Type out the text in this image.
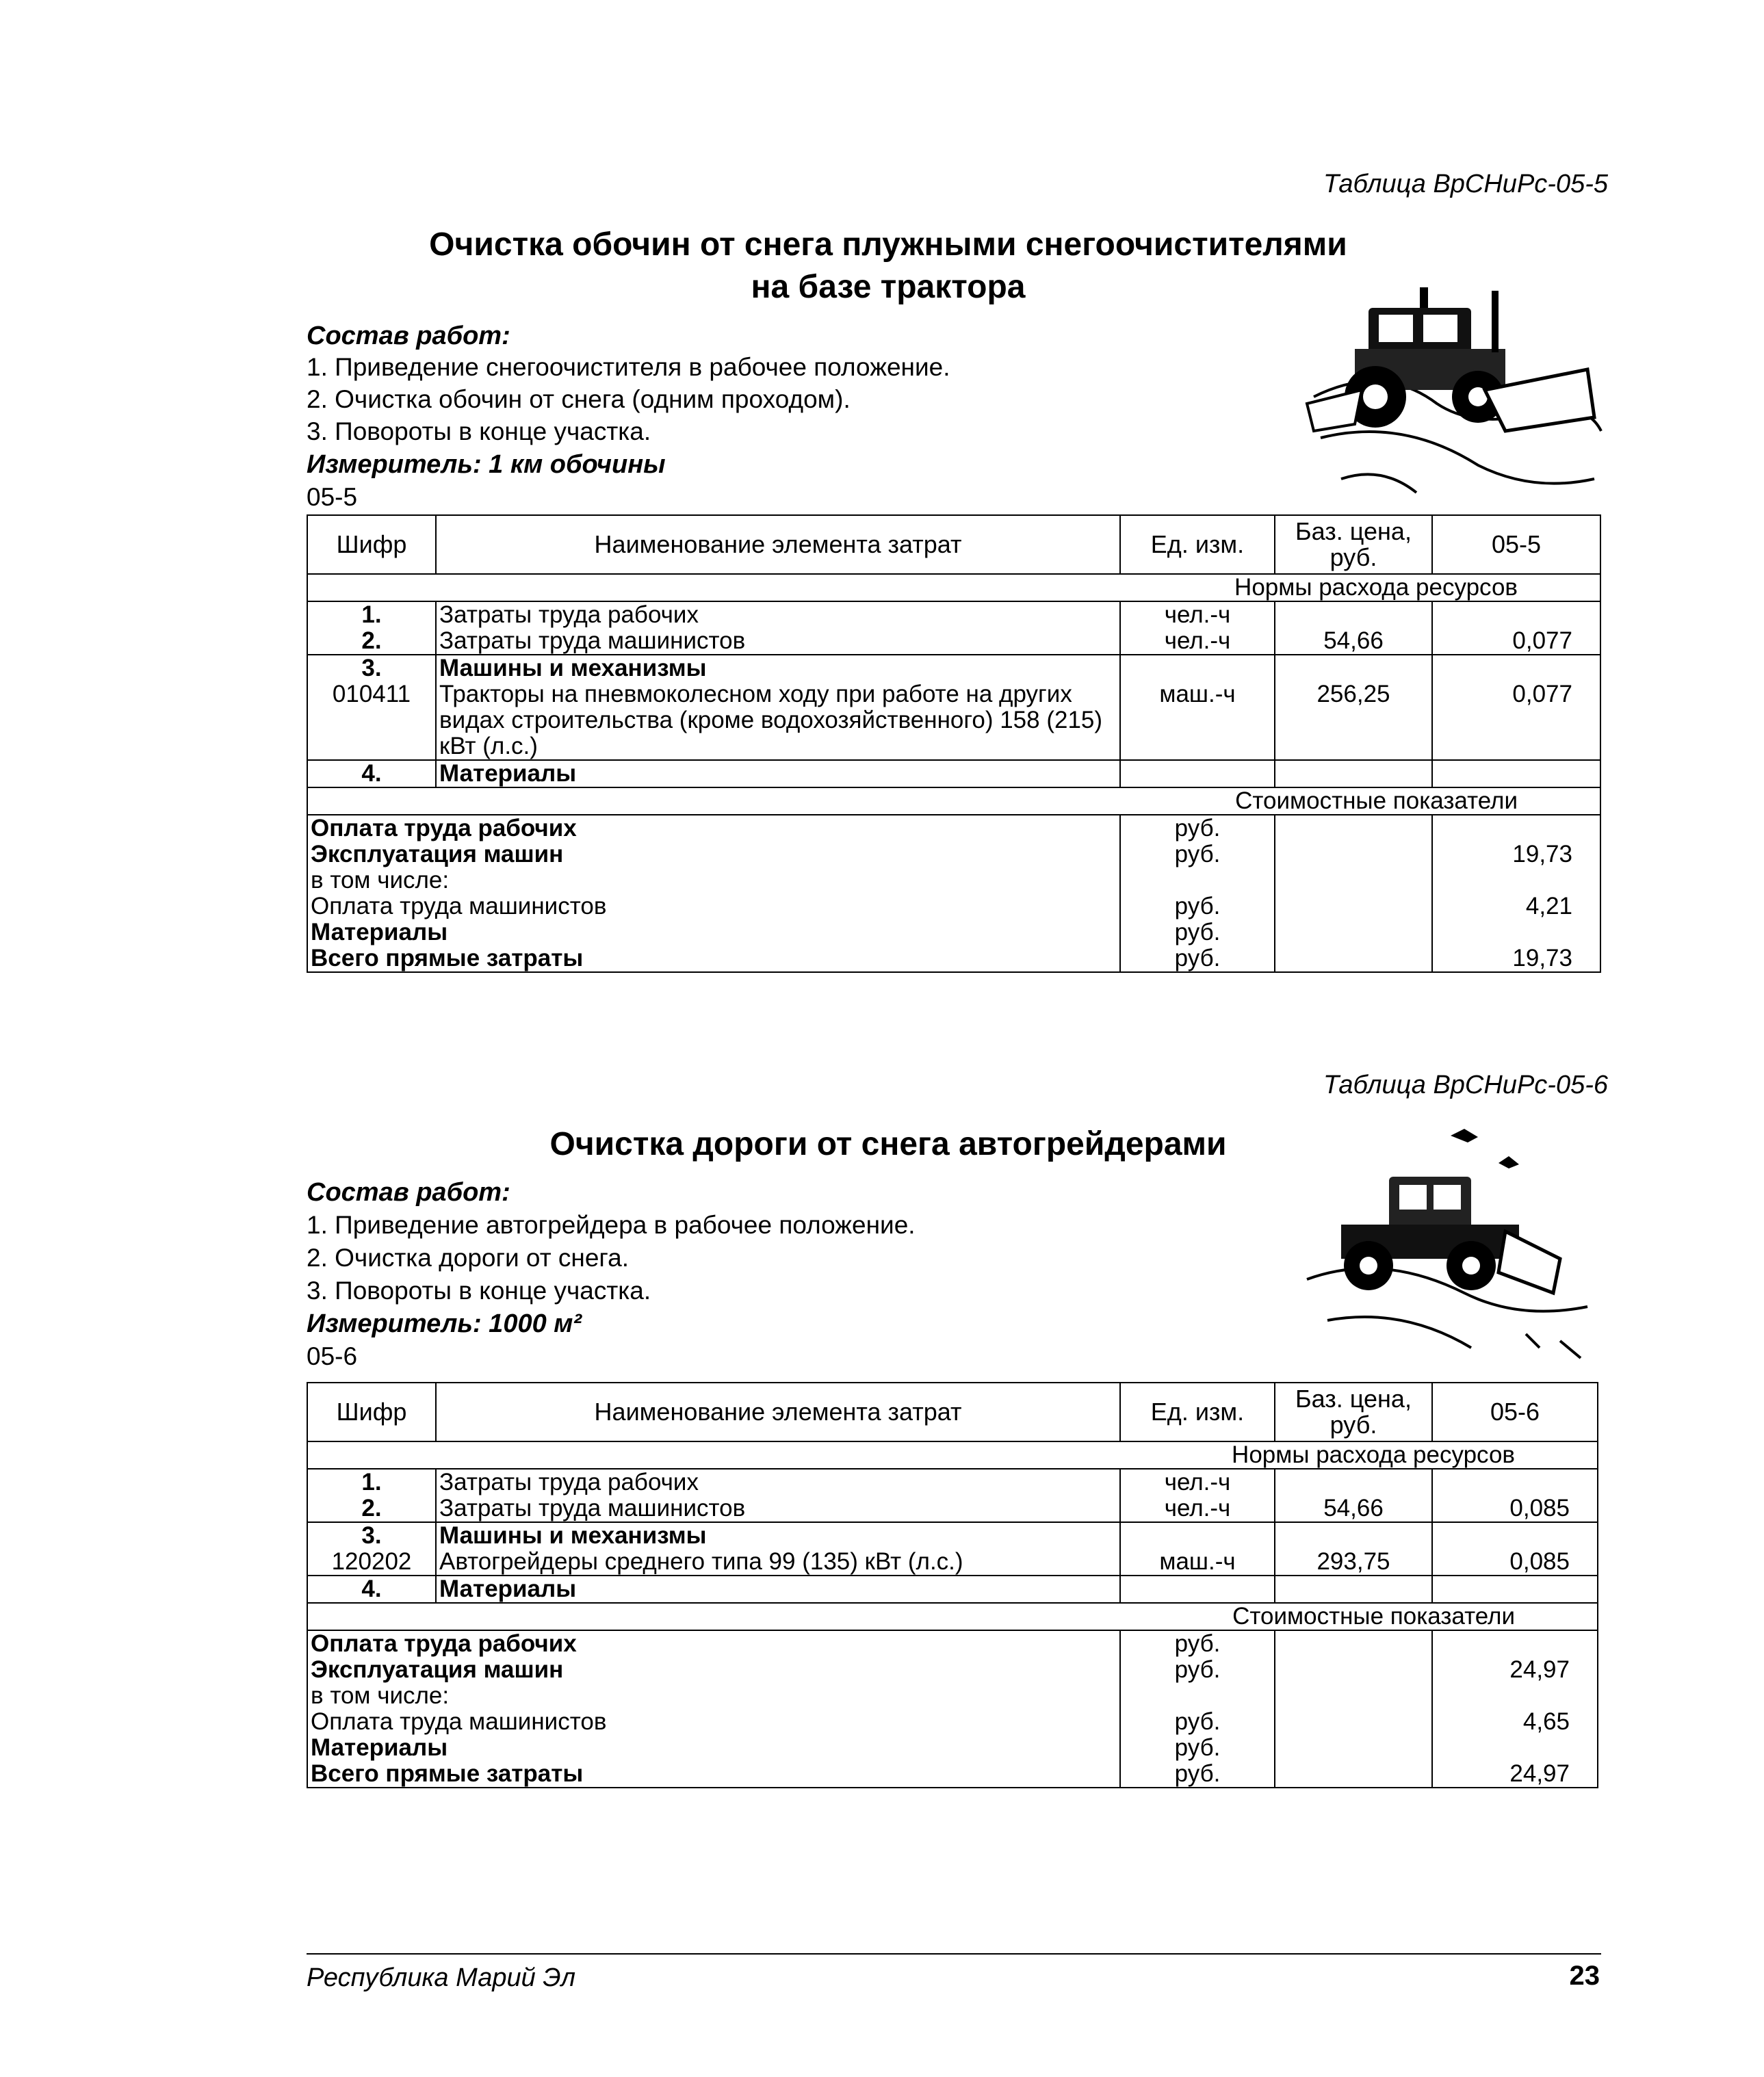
Таблица ВрСНиРс-05-5
Очистка обочин от снега плужными снегоочистителями
на базе трактора
Состав работ:
1. Приведение снегоочистителя в рабочее положение.
2. Очистка обочин от снега (одним проходом).
3. Повороты в конце участка.
Измеритель: 1 км обочины
05-5
Шифр	Наименование элемента затрат	Ед. изм.	Баз. цена, руб.	05-5
Нормы расхода ресурсов				
1.	Затраты труда рабочих	чел.-ч		
2.	Затраты труда машинистов	чел.-ч	54,66	0,077
3.	Машины и механизмы			
010411	Тракторы на пневмоколесном ходу при работе на других видах строительства (кроме водохозяйственного) 158 (215) кВт (л.с.)	маш.-ч	256,25	0,077
4.	Материалы			
Стоимостные показатели				
Оплата труда рабочих		руб.		
Эксплуатация машин		руб.		19,73
в том числе:				
Оплата труда машинистов		руб.		4,21
Материалы		руб.		
Всего прямые затраты		руб.		19,73
Таблица ВрСНиРс-05-6
Очистка дороги от снега автогрейдерами
Состав работ:
1. Приведение автогрейдера в рабочее положение.
2. Очистка дороги от снега.
3. Повороты в конце участка.
Измеритель: 1000 м²
05-6
Шифр	Наименование элемента затрат	Ед. изм.	Баз. цена, руб.	05-6
Нормы расхода ресурсов				
1.	Затраты труда рабочих	чел.-ч		
2.	Затраты труда машинистов	чел.-ч	54,66	0,085
3.	Машины и механизмы			
120202	Автогрейдеры среднего типа 99 (135) кВт (л.с.)	маш.-ч	293,75	0,085
4.	Материалы			
Стоимостные показатели				
Оплата труда рабочих		руб.		
Эксплуатация машин		руб.		24,97
в том числе:				
Оплата труда машинистов		руб.		4,65
Материалы		руб.		
Всего прямые затраты		руб.		24,97
Республика Марий Эл	23
